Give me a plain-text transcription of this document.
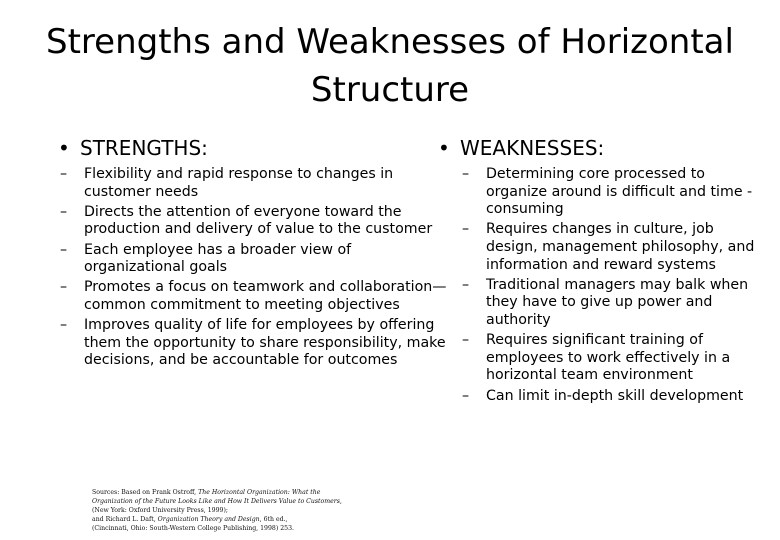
Strengths and Weaknesses of Horizontal Structure
• STRENGTHS:
–	Flexibility and rapid response to changes in customer needs
–	Directs the attention of everyone toward the production and delivery of value to the customer
–	Each employee has a broader view of organizational goals
–	Promotes a focus on teamwork and collaboration—common commitment to meeting objectives
–	Improves quality of life for employees by offering them the opportunity to share responsibility, make decisions, and be accountable for outcomes
• WEAKNESSES:
–	Determining core processed to organize around is difficult and time -consuming
–	Requires changes in culture, job design, management philosophy, and information and reward systems
–	Traditional managers may balk when they have to give up power and authority
–	Requires significant training of employees to work effectively in a horizontal team environment
–	Can limit in-depth skill development
Sources: Based on Frank Ostroff, The Horizontal Organization: What the Organization of the Future Looks Like and How It Delivers Value to Customers, (New York: Oxford University Press, 1999);
and Richard L. Daft, Organization Theory and Design, 6th ed.,
(Cincinnati, Ohio: South-Western College Publishing, 1998) 253.
